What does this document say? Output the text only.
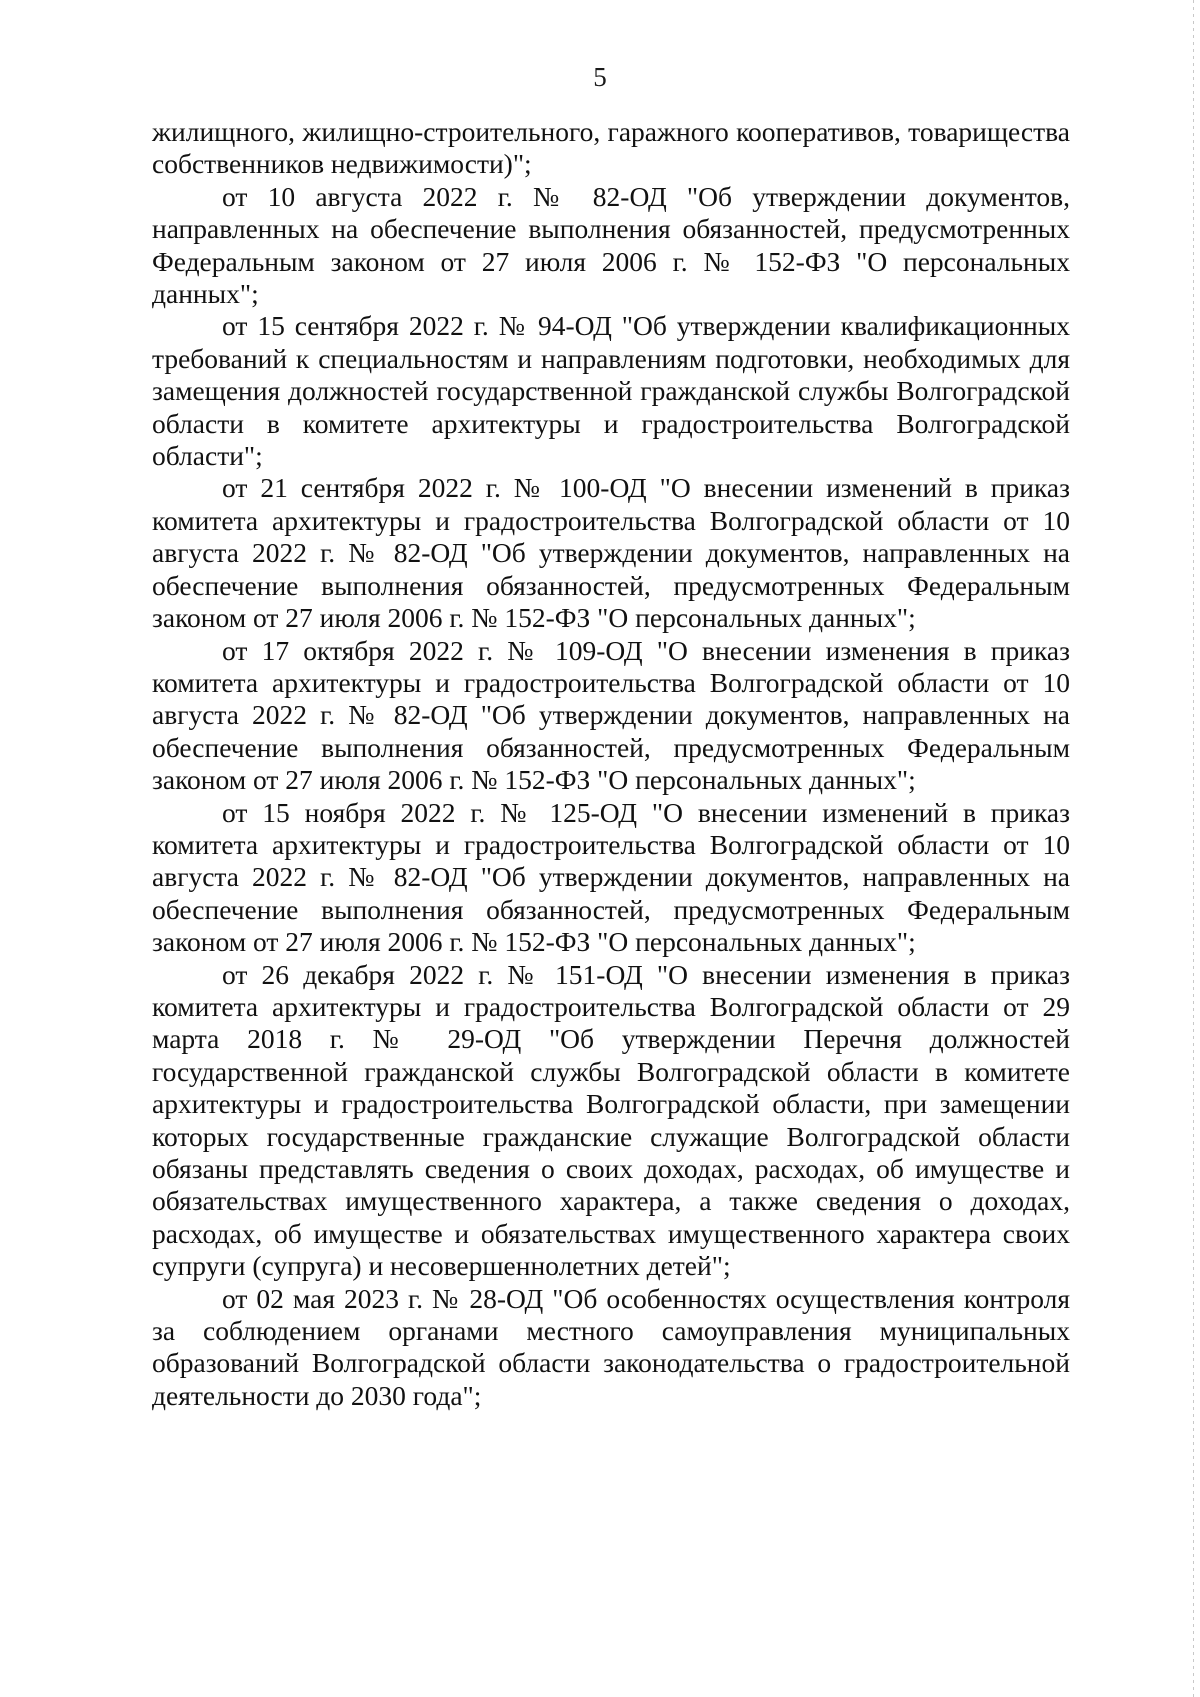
5

жилищного, жилищно-строительного, гаражного кооперативов, товарищества собственников недвижимости)";

от 10 августа 2022 г. № 82-ОД "Об утверждении документов, направленных на обеспечение выполнения обязанностей, предусмотренных Федеральным законом от 27 июля 2006 г. № 152-ФЗ "О персональных данных";

от 15 сентября 2022 г. № 94-ОД "Об утверждении квалификационных требований к специальностям и направлениям подготовки, необходимых для замещения должностей государственной гражданской службы Волгоградской области в комитете архитектуры и градостроительства Волгоградской области";

от 21 сентября 2022 г. № 100-ОД "О внесении изменений в приказ комитета архитектуры и градостроительства Волгоградской области от 10 августа 2022 г. № 82-ОД "Об утверждении документов, направленных на обеспечение выполнения обязанностей, предусмотренных Федеральным законом от 27 июля 2006 г. № 152-ФЗ "О персональных данных";

от 17 октября 2022 г. № 109-ОД "О внесении изменения в приказ комитета архитектуры и градостроительства Волгоградской области от 10 августа 2022 г. № 82-ОД "Об утверждении документов, направленных на обеспечение выполнения обязанностей, предусмотренных Федеральным законом от 27 июля 2006 г. № 152-ФЗ "О персональных данных";

от 15 ноября 2022 г. № 125-ОД "О внесении изменений в приказ комитета архитектуры и градостроительства Волгоградской области от 10 августа 2022 г. № 82-ОД "Об утверждении документов, направленных на обеспечение выполнения обязанностей, предусмотренных Федеральным законом от 27 июля 2006 г. № 152-ФЗ "О персональных данных";

от 26 декабря 2022 г. № 151-ОД "О внесении изменения в приказ комитета архитектуры и градостроительства Волгоградской области от 29 марта 2018 г. № 29-ОД "Об утверждении Перечня должностей государственной гражданской службы Волгоградской области в комитете архитектуры и градостроительства Волгоградской области, при замещении которых государственные гражданские служащие Волгоградской области обязаны представлять сведения о своих доходах, расходах, об имуществе и обязательствах имущественного характера, а также сведения о доходах, расходах, об имуществе и обязательствах имущественного характера своих супруги (супруга) и несовершеннолетних детей";

от 02 мая 2023 г. № 28-ОД "Об особенностях осуществления контроля за соблюдением органами местного самоуправления муниципальных образований Волгоградской области законодательства о градостроительной деятельности до 2030 года";
